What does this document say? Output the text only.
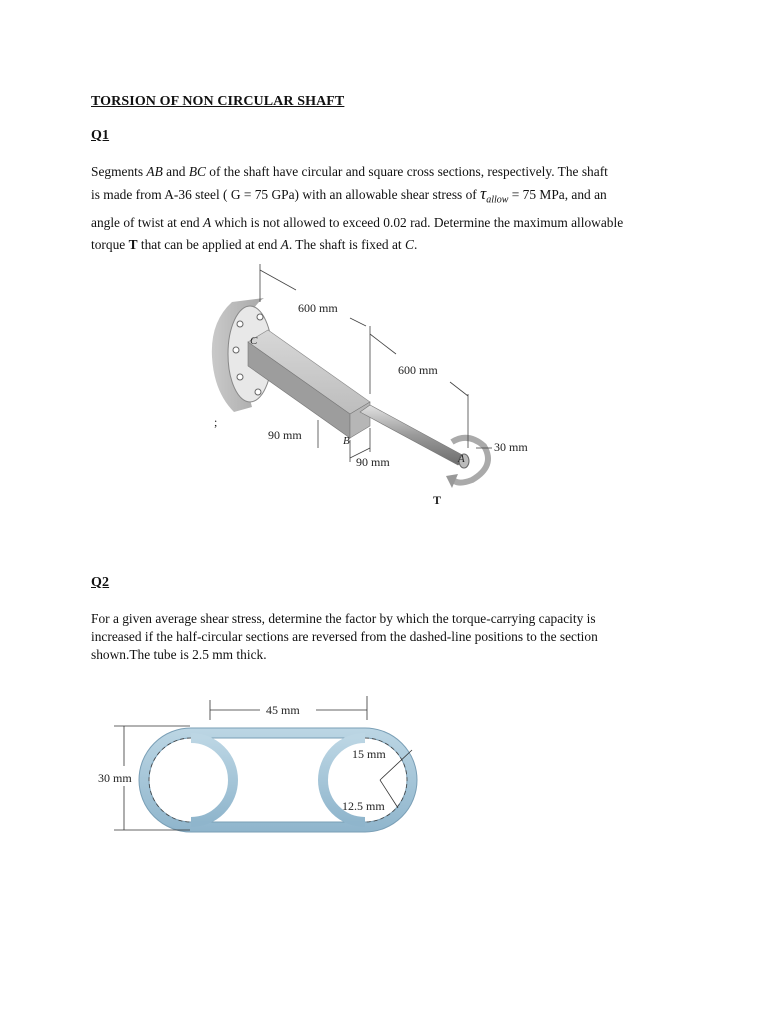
TORSION OF NON CIRCULAR SHAFT
Q1
Segments AB and BC of the shaft have circular and square cross sections, respectively. The shaft
is made from A-36 steel ( G = 75 GPa) with an allowable shear stress of $\tau_{allow} = 75$ MPa, and an
angle of twist at end A which is not allowed to exceed 0.02 rad. Determine the maximum allowable
torque T that can be applied at end A. The shaft is fixed at C.
600 mm
600 mm
90 mm
90 mm
30 mm
C
B
A
T
;
Q2
For a given average shear stress, determine the factor by which the torque-carrying capacity is
increased if the half-circular sections are reversed from the dashed-line positions to the section
shown.The tube is 2.5 mm thick.
45 mm
30 mm
15 mm
12.5 mm
